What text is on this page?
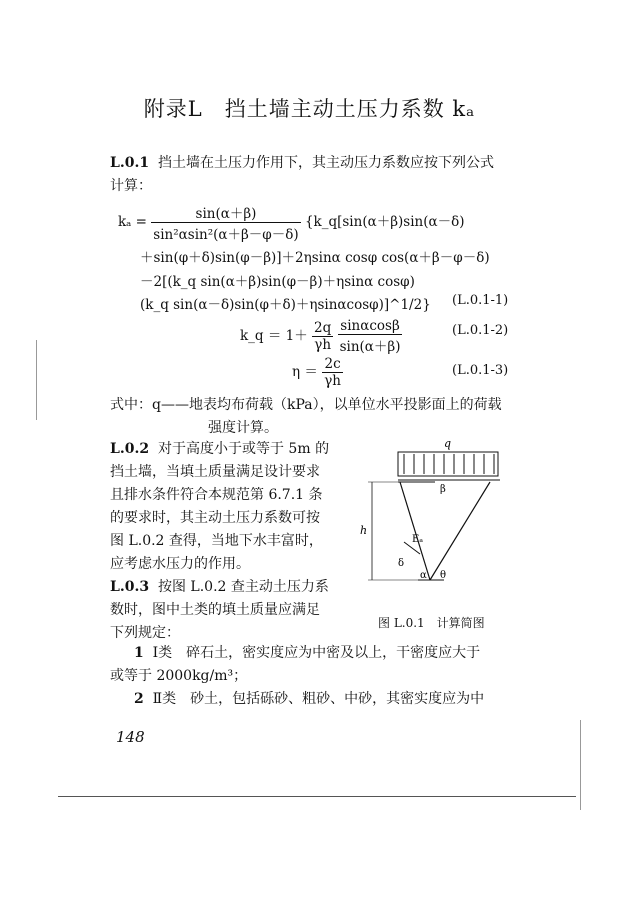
附录L　挡土墙主动土压力系数 kₐ
L.0.1 挡土墙在土压力作用下，其主动压力系数应按下列公式
计算：
$k_a = \frac{\sin(\alpha+\beta)}{\text{sin²αsin²(α＋β－φ－δ)}}$ {k_q[sin(α＋β)sin(α－δ)
＋sin(φ＋δ)sin(φ－β)]＋2ηsinα cosφ cos(α＋β－φ－δ)
－2[(k_q sin(α＋β)sin(φ－β)＋ηsinα cosφ)
(k_q sin(α－δ)sin(φ＋δ)＋ηsinαcosφ)]^1/2} (L.0.1-1)
k_q ＝ $1+ \frac{2q}{\gamma h}$
$\frac{\sin\alpha\cos\beta}{\sin(\alpha+\beta)}$	(L.0.1-2)
$\eta = \frac{2c}{\gamma h}$	(L.0.1-3)
式中：q——地表均布荷载（kPa），以单位水平投影面上的荷载
强度计算。
L.0.2 对于高度小于或等于 5m 的
挡土墙，当填土质量满足设计要求
且排水条件符合本规范第 6.7.1 条
的要求时，其主动土压力系数可按
图 L.0.2 查得，当地下水丰富时，
应考虑水压力的作用。
L.0.3 按图 L.0.2 查主动土压力系
数时，图中土类的填土质量应满足
下列规定：
q
β
h
δ
Eₐ
α θ
图 L.0.1　计算简图
1 Ⅰ类　碎石土，密实度应为中密及以上，干密度应大于
或等于 2000kg/m³；
2 Ⅱ类　砂土，包括砾砂、粗砂、中砂，其密实度应为中
148
